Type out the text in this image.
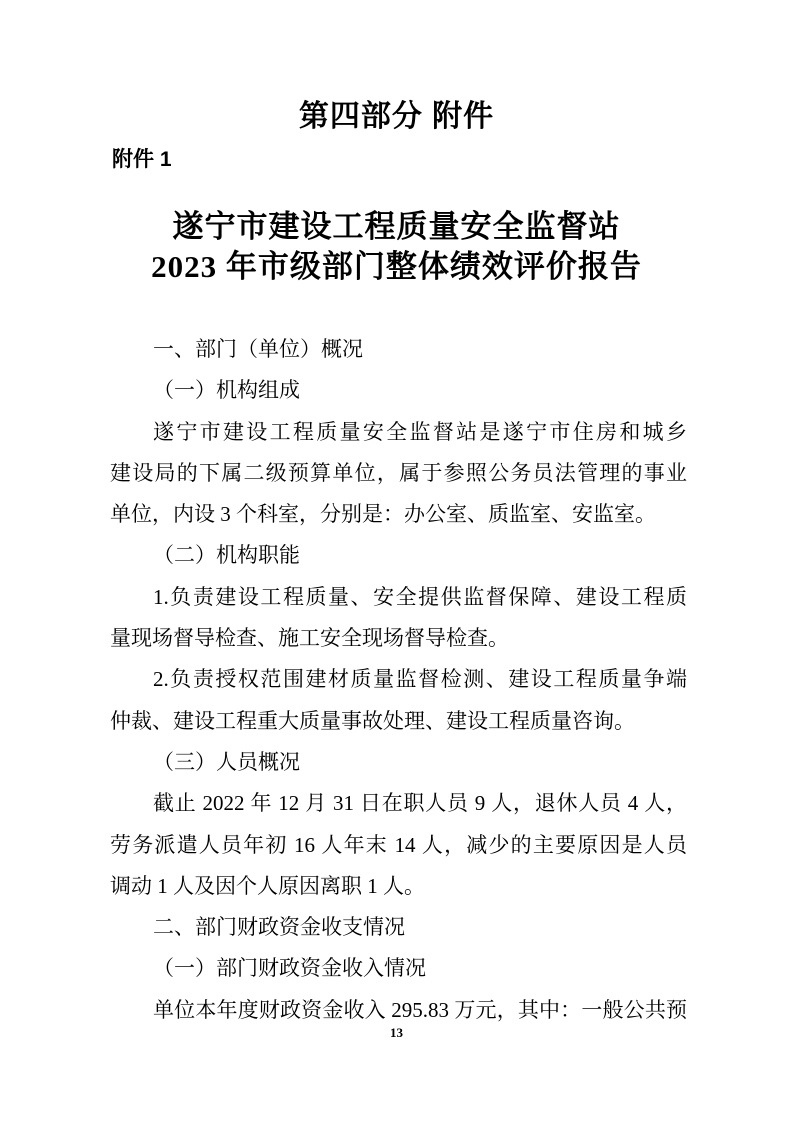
第四部分 附件
附件 1
遂宁市建设工程质量安全监督站
2023 年市级部门整体绩效评价报告
一、部门（单位）概况
（一）机构组成
遂宁市建设工程质量安全监督站是遂宁市住房和城乡
建设局的下属二级预算单位，属于参照公务员法管理的事业
单位，内设 3 个科室，分别是：办公室、质监室、安监室。
（二）机构职能
1.负责建设工程质量、安全提供监督保障、建设工程质
量现场督导检查、施工安全现场督导检查。
2.负责授权范围建材质量监督检测、建设工程质量争端
仲裁、建设工程重大质量事故处理、建设工程质量咨询。
（三）人员概况
截止 2022 年 12 月 31 日在职人员 9 人，退休人员 4 人，
劳务派遣人员年初 16 人年末 14 人，减少的主要原因是人员
调动 1 人及因个人原因离职 1 人。
二、部门财政资金收支情况
（一）部门财政资金收入情况
单位本年度财政资金收入 295.83 万元，其中：一般公共预
13
